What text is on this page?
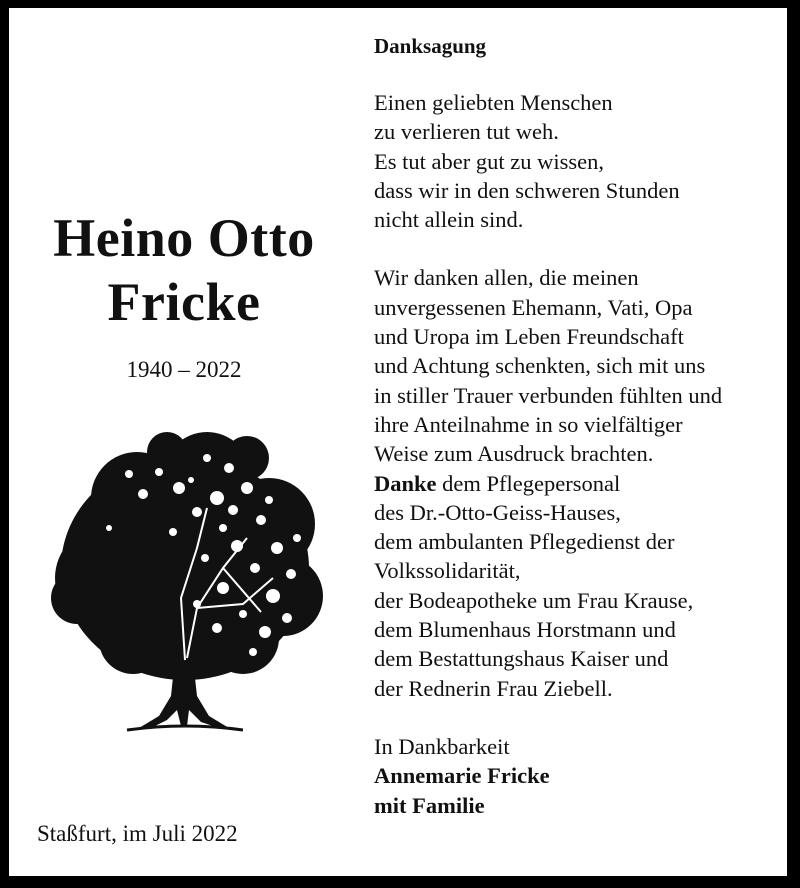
Heino Otto
Fricke
1940 – 2022
Staßfurt, im Juli 2022
Danksagung
Einen geliebten Menschen
zu verlieren tut weh.
Es tut aber gut zu wissen,
dass wir in den schweren Stunden
nicht allein sind.
Wir danken allen, die meinen
unvergessenen Ehemann, Vati, Opa
und Uropa im Leben Freundschaft
und Achtung schenkten, sich mit uns
in stiller Trauer verbunden fühlten und
ihre Anteilnahme in so vielfältiger
Weise zum Ausdruck brachten.
Danke dem Pflegepersonal
des Dr.-Otto-Geiss-Hauses,
dem ambulanten Pflegedienst der
Volkssolidarität,
der Bodeapotheke um Frau Krause,
dem Blumenhaus Horstmann und
dem Bestattungshaus Kaiser und
der Rednerin Frau Ziebell.
In Dankbarkeit
Annemarie Fricke
mit Familie
